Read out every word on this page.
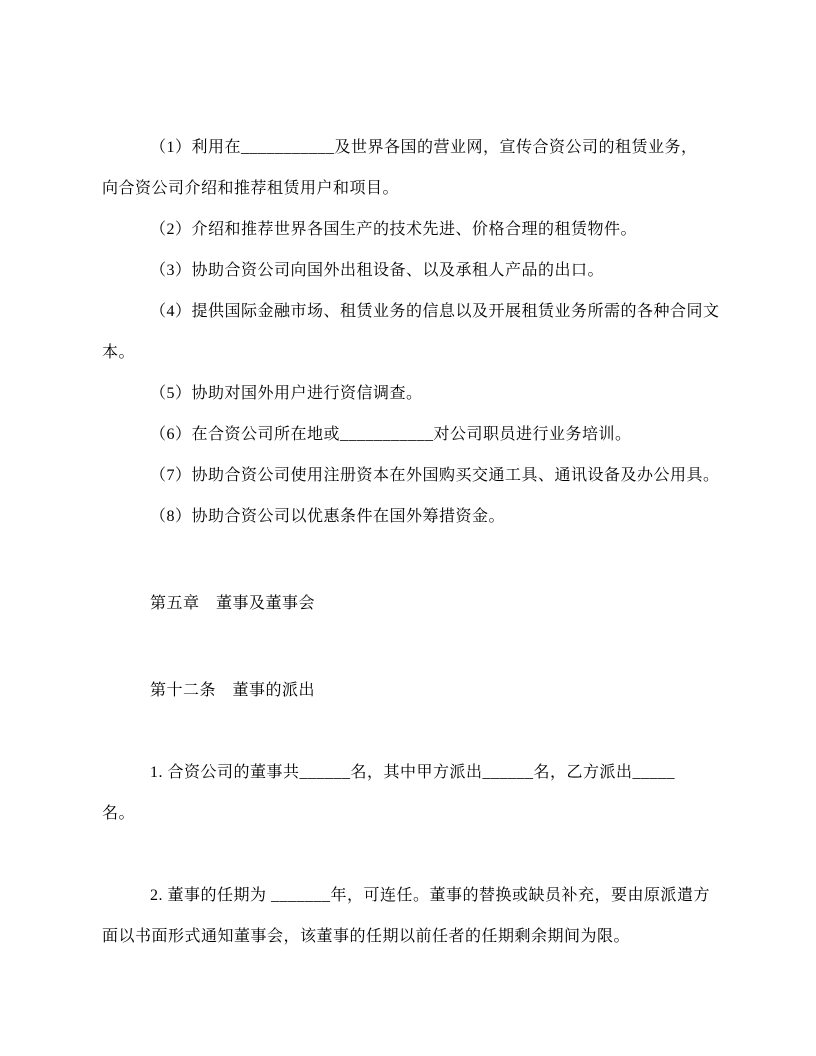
（1）利用在___________及世界各国的营业网，宣传合资公司的租赁业务，
向合资公司介绍和推荐租赁用户和项目。
（2）介绍和推荐世界各国生产的技术先进、价格合理的租赁物件。
（3）协助合资公司向国外出租设备、以及承租人产品的出口。
（4）提供国际金融市场、租赁业务的信息以及开展租赁业务所需的各种合同文
本。
（5）协助对国外用户进行资信调查。
（6）在合资公司所在地或___________对公司职员进行业务培训。
（7）协助合资公司使用注册资本在外国购买交通工具、通讯设备及办公用具。
（8）协助合资公司以优惠条件在国外筹措资金。
第五章　董事及董事会
第十二条　董事的派出
1. 合资公司的董事共______名，其中甲方派出______名，乙方派出_____
名。
2. 董事的任期为 _______年，可连任。董事的替换或缺员补充，要由原派遣方
面以书面形式通知董事会，该董事的任期以前任者的任期剩余期间为限。
